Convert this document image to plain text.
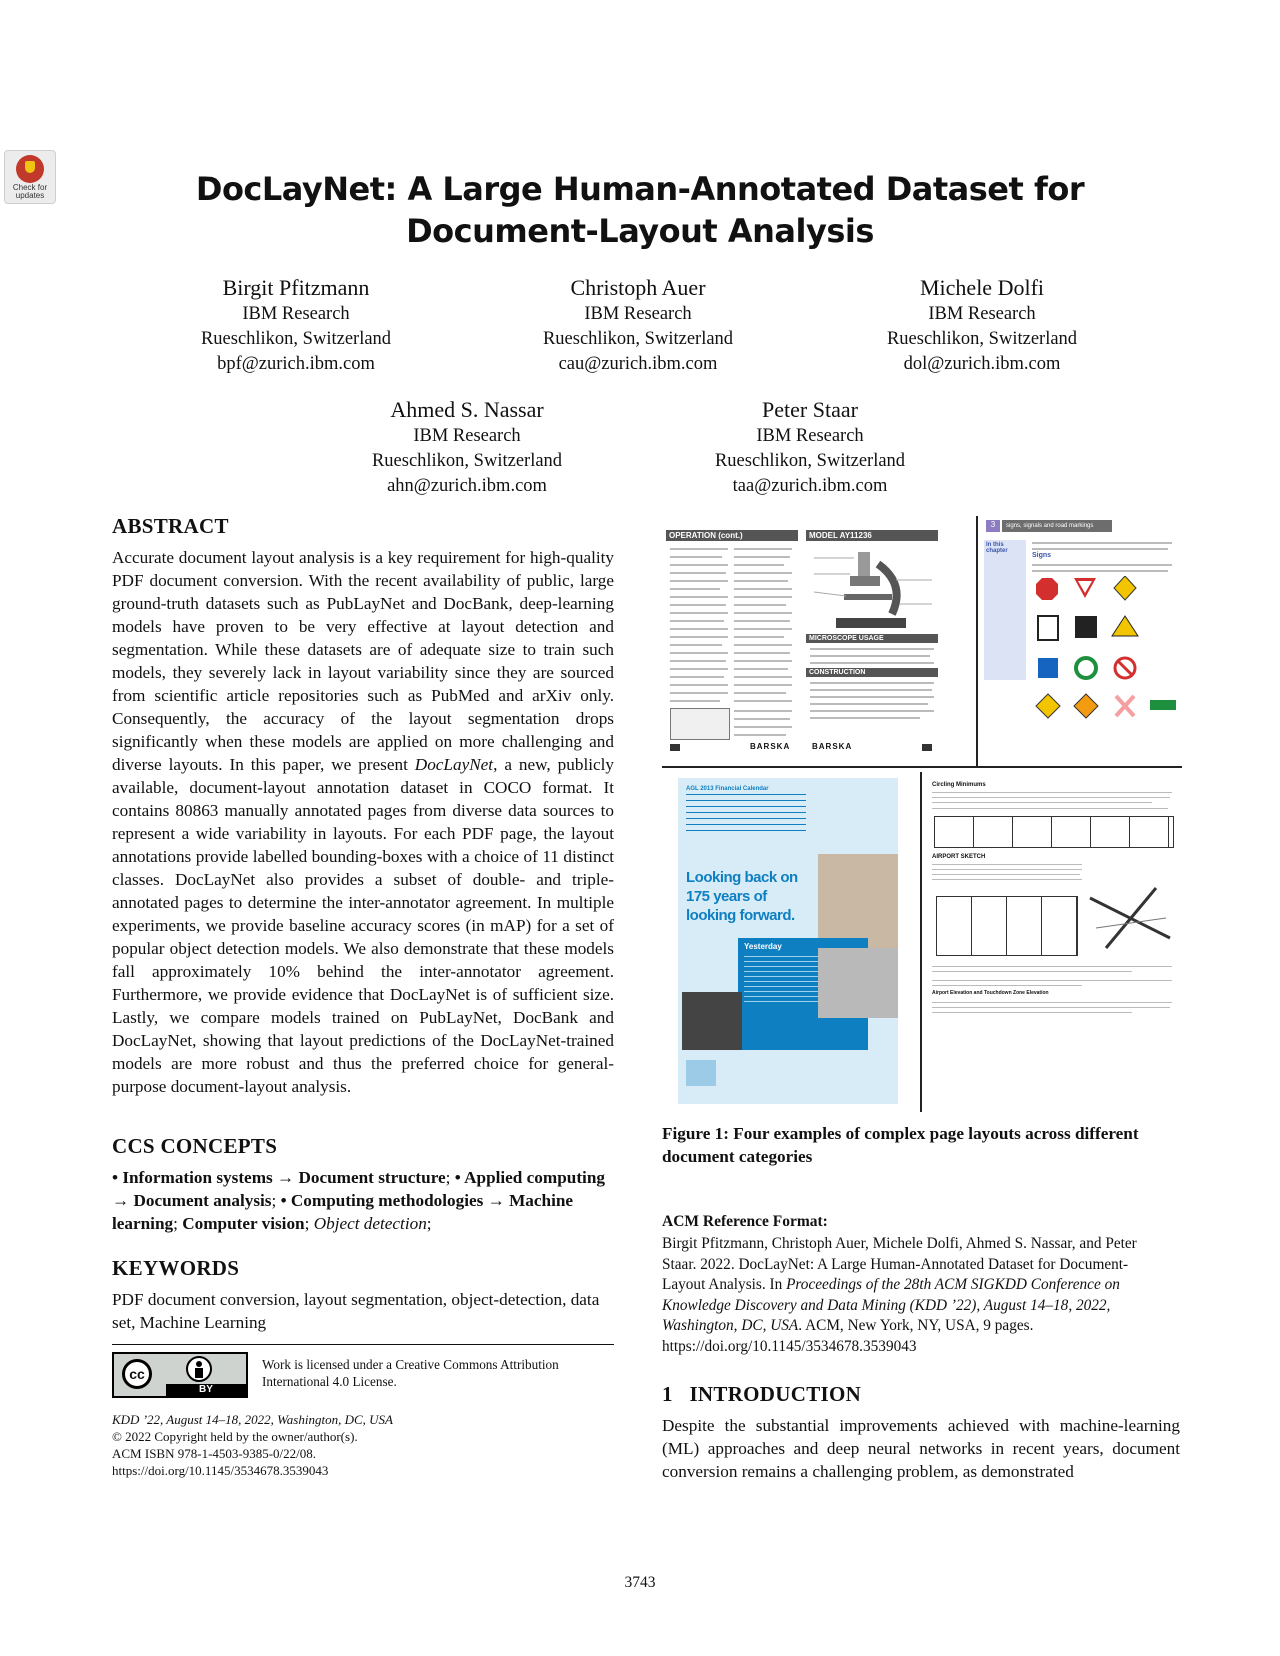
Check for
updates	DocLayNet: A Large Human-Annotated Dataset for
Document-Layout Analysis
Birgit Pfitzmann
IBM Research
Rueschlikon, Switzerland
bpf@zurich.ibm.com
Christoph Auer
IBM Research
Rueschlikon, Switzerland
cau@zurich.ibm.com
Michele Dolfi
IBM Research
Rueschlikon, Switzerland
dol@zurich.ibm.com
Ahmed S. Nassar
IBM Research
Rueschlikon, Switzerland
ahn@zurich.ibm.com
Peter Staar
IBM Research
Rueschlikon, Switzerland
taa@zurich.ibm.com
ABSTRACT
Accurate document layout analysis is a key requirement for high-quality PDF document conversion. With the recent availability of public, large ground-truth datasets such as PubLayNet and DocBank, deep-learning models have proven to be very effective at layout detection and segmentation. While these datasets are of adequate size to train such models, they severely lack in layout variability since they are sourced from scientific article repositories such as PubMed and arXiv only. Consequently, the accuracy of the layout segmentation drops significantly when these models are applied on more challenging and diverse layouts. In this paper, we present DocLayNet, a new, publicly available, document-layout annotation dataset in COCO format. It contains 80863 manually annotated pages from diverse data sources to represent a wide variability in layouts. For each PDF page, the layout annotations provide labelled bounding-boxes with a choice of 11 distinct classes. DocLayNet also provides a subset of double- and triple-annotated pages to determine the inter-annotator agreement. In multiple experiments, we provide baseline accuracy scores (in mAP) for a set of popular object detection models. We also demonstrate that these models fall approximately 10% behind the inter-annotator agreement. Furthermore, we provide evidence that DocLayNet is of sufficient size. Lastly, we compare models trained on PubLayNet, DocBank and DocLayNet, showing that layout predictions of the DocLayNet-trained models are more robust and thus the preferred choice for general-purpose document-layout analysis.
CCS CONCEPTS
• Information systems → Document structure; • Applied computing → Document analysis; • Computing methodologies → Machine learning; Computer vision; Object detection;
KEYWORDS
PDF document conversion, layout segmentation, object-detection, data set, Machine Learning
cc
BY
Work is licensed under a Creative Commons Attribution International 4.0 License.
KDD ’22, August 14–18, 2022, Washington, DC, USA
© 2022 Copyright held by the owner/author(s).
ACM ISBN 978-1-4503-9385-0/22/08.
https://doi.org/10.1145/3534678.3539043
OPERATION (cont.)
BARSKA
MODEL AY11236
MICROSCOPE USAGE
CONSTRUCTION
BARSKA
3	signs, signals and road markings
In this chapter
Signs
AGL 2013 Financial Calendar
Looking back on
175 years of
looking forward.
Yesterday
Circling Minimums
AIRPORT SKETCH
Airport Elevation and Touchdown Zone Elevation
Figure 1: Four examples of complex page layouts across different document categories
ACM Reference Format:
Birgit Pfitzmann, Christoph Auer, Michele Dolfi, Ahmed S. Nassar, and Peter Staar. 2022. DocLayNet: A Large Human-Annotated Dataset for Document-Layout Analysis. In Proceedings of the 28th ACM SIGKDD Conference on Knowledge Discovery and Data Mining (KDD ’22), August 14–18, 2022, Washington, DC, USA. ACM, New York, NY, USA, 9 pages. https://doi.org/10.1145/3534678.3539043
1   INTRODUCTION
Despite the substantial improvements achieved with machine-learning (ML) approaches and deep neural networks in recent years, document conversion remains a challenging problem, as demonstrated
3743
